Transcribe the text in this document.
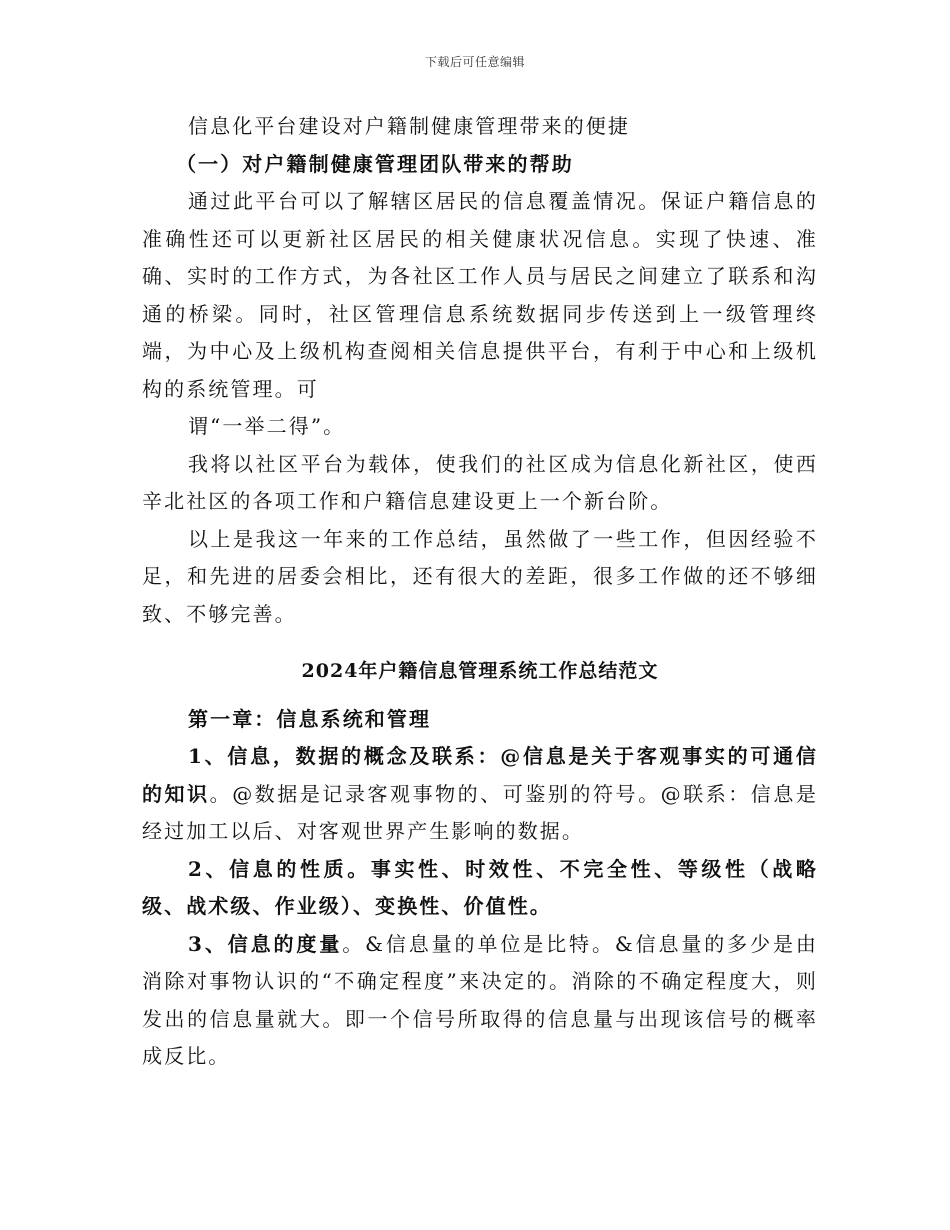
下载后可任意编辑

信息化平台建设对户籍制健康管理带来的便捷

（一）对户籍制健康管理团队带来的帮助

通过此平台可以了解辖区居民的信息覆盖情况。保证户籍信息的准确性还可以更新社区居民的相关健康状况信息。实现了快速、准确、实时的工作方式，为各社区工作人员与居民之间建立了联系和沟通的桥梁。同时，社区管理信息系统数据同步传送到上一级管理终端，为中心及上级机构查阅相关信息提供平台，有利于中心和上级机构的系统管理。可

谓“一举二得”。

我将以社区平台为载体，使我们的社区成为信息化新社区，使西辛北社区的各项工作和户籍信息建设更上一个新台阶。

以上是我这一年来的工作总结，虽然做了一些工作，但因经验不足，和先进的居委会相比，还有很大的差距，很多工作做的还不够细致、不够完善。

2024年户籍信息管理系统工作总结范文

第一章：信息系统和管理

1、信息，数据的概念及联系：@信息是关于客观事实的可通信的知识。@数据是记录客观事物的、可鉴别的符号。@联系：信息是经过加工以后、对客观世界产生影响的数据。

2、信息的性质。事实性、时效性、不完全性、等级性（战略级、战术级、作业级）、变换性、价值性。

3、信息的度量。&信息量的单位是比特。&信息量的多少是由消除对事物认识的“不确定程度”来决定的。消除的不确定程度大，则发出的信息量就大。即一个信号所取得的信息量与出现该信号的概率成反比。
